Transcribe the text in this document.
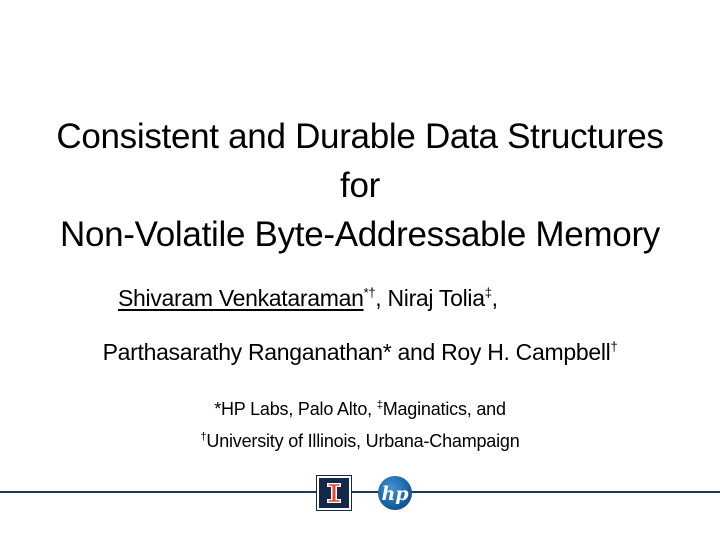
Consistent and Durable Data Structures
for
Non-Volatile Byte-Addressable Memory
Shivaram Venkataraman*†, Niraj Tolia‡,
Parthasarathy Ranganathan* and Roy H. Campbell†
*HP Labs, Palo Alto, ‡Maginatics, and
†University of Illinois, Urbana-Champaign
hp
